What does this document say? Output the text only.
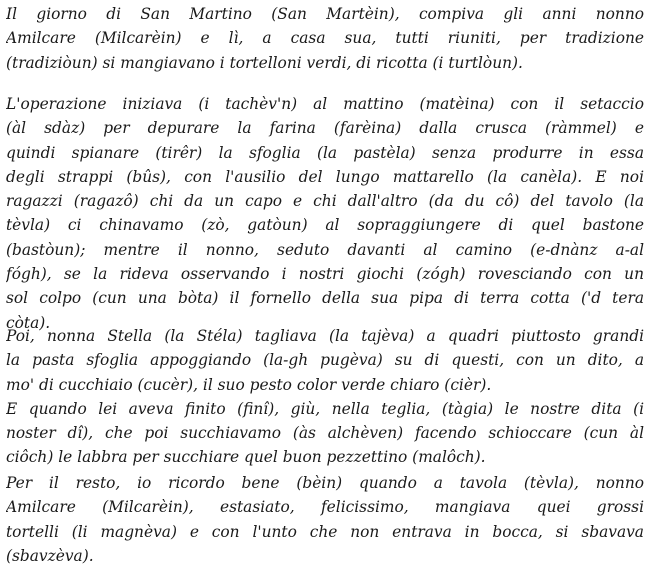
Il giorno di San Martino (San Martèin), compiva gli anni nonno
Amilcare (Milcarèin) e lì, a casa sua, tutti riuniti, per tradizione
(tradiziòun) si mangiavano i tortelloni verdi, di ricotta (i turtlòun).
L'operazione iniziava (i tachèv'n) al mattino (matèina) con il setaccio
(àl sdàz) per depurare la farina (farèina) dalla crusca (ràmmel) e
quindi spianare (tirêr) la sfoglia (la pastèla) senza produrre in essa
degli strappi (bûs), con l'ausilio del lungo mattarello (la canèla). E noi
ragazzi (ragazô) chi da un capo e chi dall'altro (da du cô) del tavolo (la
tèvla) ci chinavamo (zò, gatòun) al sopraggiungere di quel bastone
(bastòun); mentre il nonno, seduto davanti al camino (e-dnànz a-al
fógh), se la rideva osservando i nostri giochi (zógh) rovesciando con un
sol colpo (cun una bòta) il fornello della sua pipa di terra cotta ('d tera
còta).
Poi, nonna Stella (la Stéla) tagliava (la tajèva) a quadri piuttosto grandi
la pasta sfoglia appoggiando (la-gh pugèva) su di questi, con un dito, a
mo' di cucchiaio (cucèr), il suo pesto color verde chiaro (cièr).
E quando lei aveva finito (finî), giù, nella teglia, (tàgia) le nostre dita (i
noster dî), che poi succhiavamo (às alchèven) facendo schioccare (cun àl
ciôch) le labbra per succhiare quel buon pezzettino (malôch).
Per il resto, io ricordo bene (bèin) quando a tavola (tèvla), nonno
Amilcare (Milcarèin), estasiato, felicissimo, mangiava quei grossi
tortelli (li magnèva) e con l'unto che non entrava in bocca, si sbavava
(sbavzèva).
